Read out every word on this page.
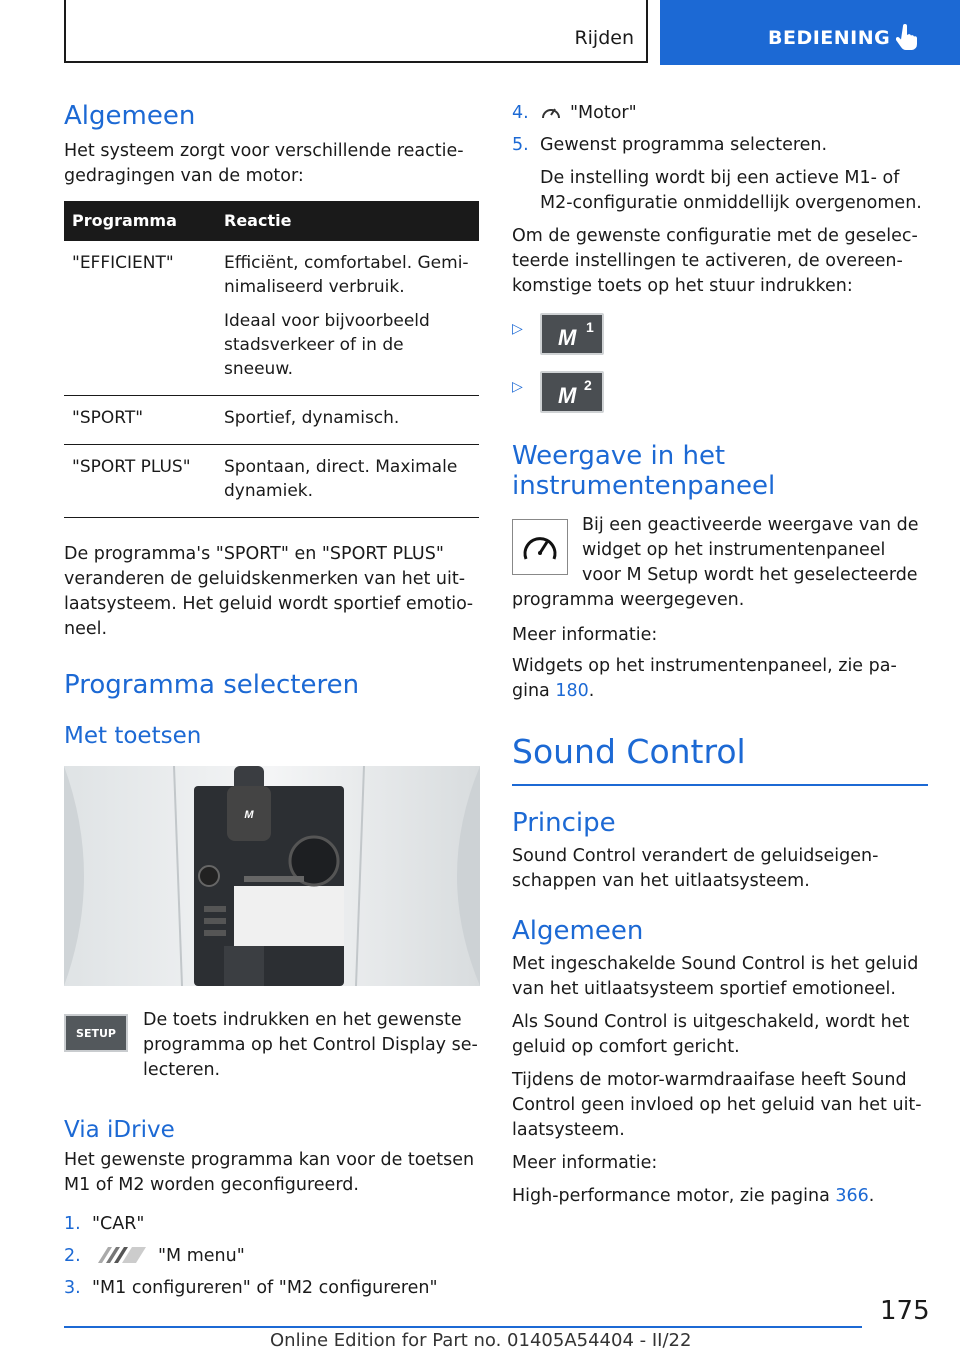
Rijden	BEDIENING
Algemeen

Het systeem zorgt voor verschillende reactiegedragingen van de motor:

Programma	Reactie
"EFFICIENT"	Efficiënt, comfortabel. Geminimaliseerd verbruik.

Ideaal voor bijvoorbeeld stadsverkeer of in de sneeuw.

"SPORT"	Sportief, dynamisch.

"SPORT PLUS"	Spontaan, direct. Maximale dynamiek.

De programma's "SPORT" en "SPORT PLUS" veranderen de geluidskenmerken van het uitlaatsysteem. Het geluid wordt sportief emotioneel.

Programma selecteren
Met toetsen
M
SETUP

De toets indrukken en het gewenste programma op het Control Display selecteren.

Via iDrive

Het gewenste programma kan voor de toetsen M1 of M2 worden geconfigureerd.

1. "CAR"
2.	"M menu"
3. "M1 configureren" of "M2 configureren"
4. "Motor"
5. Gewenst programma selecteren.

De instelling wordt bij een actieve M1- of M2-configuratie onmiddellijk overgenomen.

Om de gewenste configuratie met de geselecteerde instellingen te activeren, de overeenkomstige toets op het stuur indrukken:

▷ M 1
▷ M 2
Weergave in het instrumentenpaneel

Bij een geactiveerde weergave van de widget op het instrumentenpaneel voor M Setup wordt het geselecteerde programma weergegeven.

Meer informatie:

Widgets op het instrumentenpaneel, zie pagina 180.

Sound Control
Principe

Sound Control verandert de geluidseigenschappen van het uitlaatsysteem.

Algemeen

Met ingeschakelde Sound Control is het geluid van het uitlaatsysteem sportief emotioneel.

Als Sound Control is uitgeschakeld, wordt het geluid op comfort gericht.

Tijdens de motor-warmdraaifase heeft Sound Control geen invloed op het geluid van het uitlaatsysteem.

Meer informatie:

High-performance motor, zie pagina 366.

175
Online Edition for Part no. 01405A54404 - II/22
